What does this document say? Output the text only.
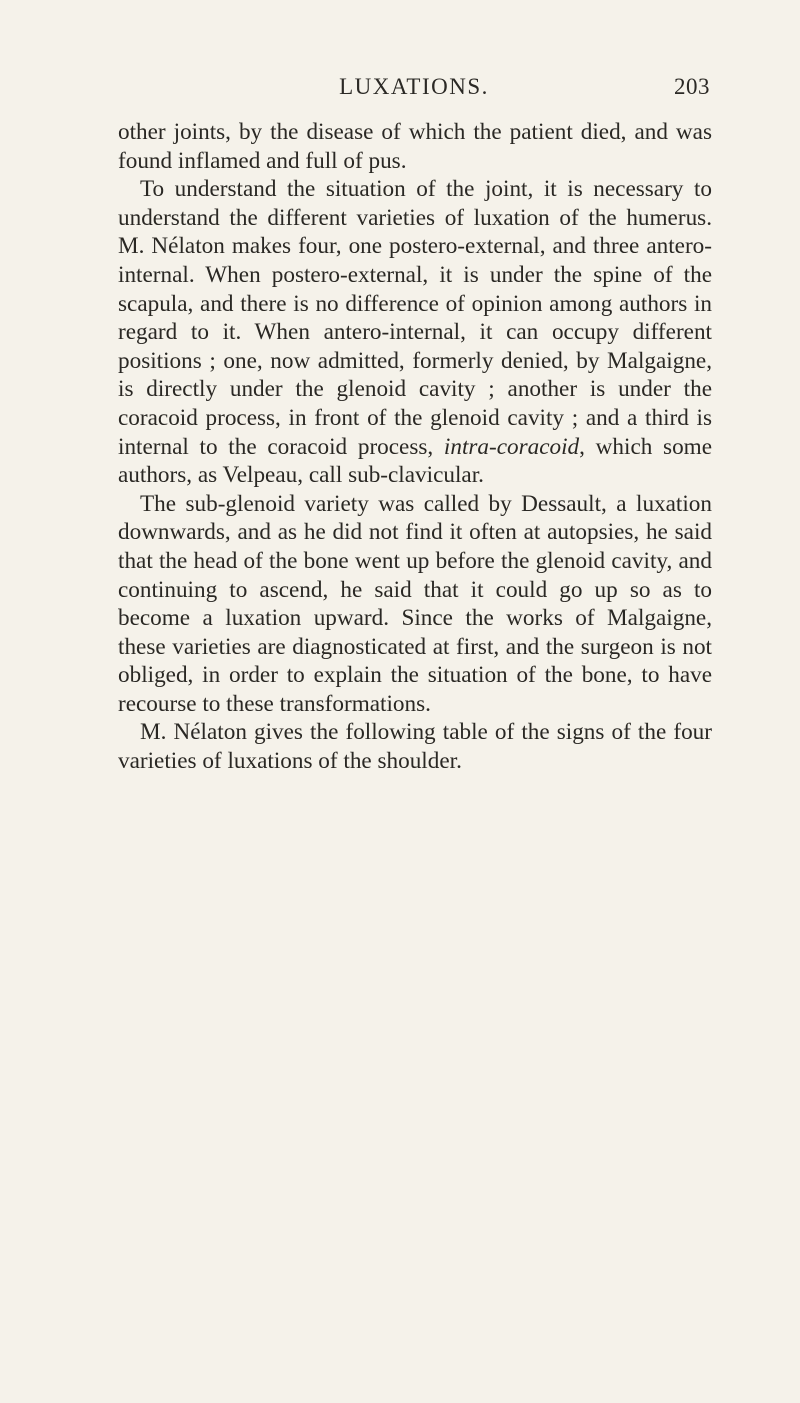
LUXATIONS.	203

other joints, by the disease of which the patient died, and was found inflamed and full of pus.

To understand the situation of the joint, it is necessary to understand the different varieties of luxation of the humerus. M. Nélaton makes four, one postero-external, and three antero-internal. When postero-external, it is under the spine of the scapula, and there is no difference of opinion among authors in regard to it. When antero-internal, it can occupy different positions ; one, now admitted, formerly denied, by Malgaigne, is directly under the glenoid cavity ; another is under the coracoid process, in front of the glenoid cavity ; and a third is internal to the coracoid process, intra-coracoid, which some authors, as Velpeau, call sub-clavicular.

The sub-glenoid variety was called by Dessault, a luxation downwards, and as he did not find it often at autopsies, he said that the head of the bone went up before the glenoid cavity, and continuing to ascend, he said that it could go up so as to become a luxation upward. Since the works of Malgaigne, these varieties are diagnosticated at first, and the surgeon is not obliged, in order to explain the situation of the bone, to have recourse to these transformations.

M. Nélaton gives the following table of the signs of the four varieties of luxations of the shoulder.
